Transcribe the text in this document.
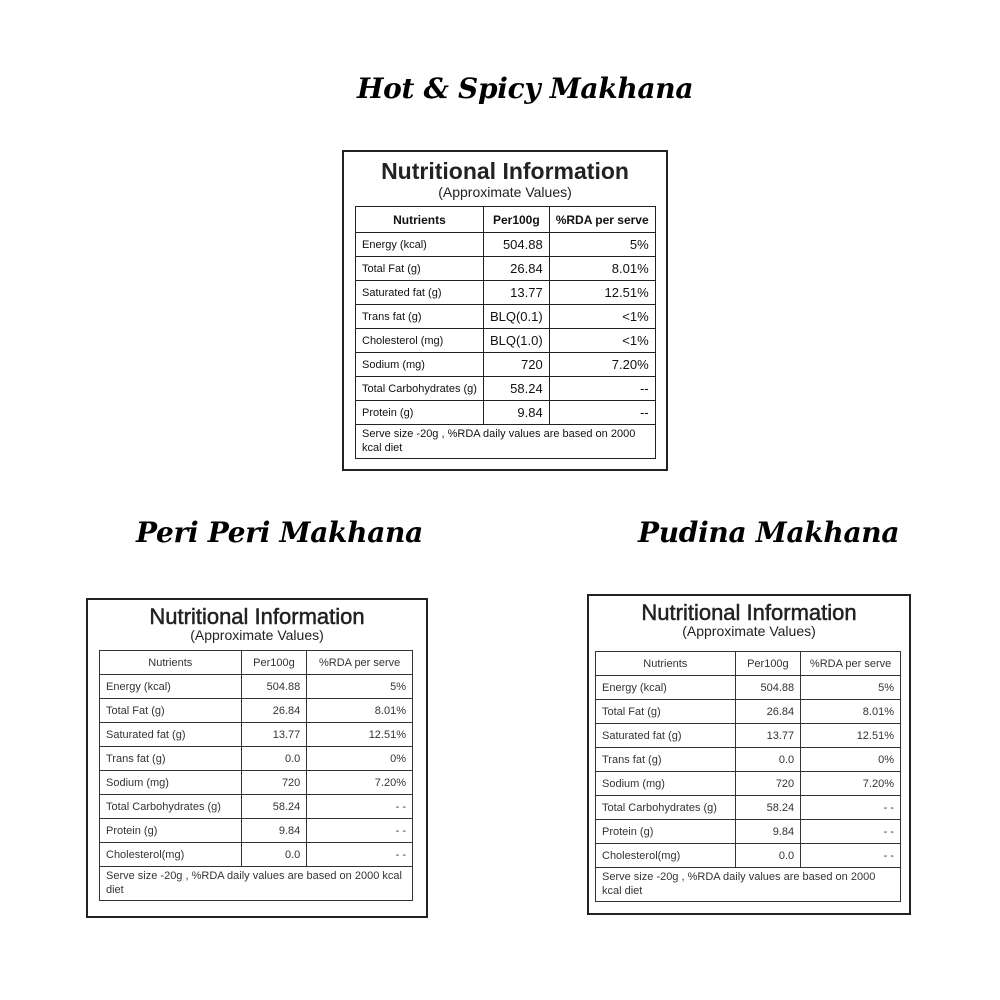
Hot & Spicy Makhana
Peri Peri Makhana	Pudina Makhana
Nutritional Information
(Approximate Values)
Nutrients	Per100g	%RDA per serve
Energy (kcal)	504.88	5%
Total Fat (g)	26.84	8.01%
Saturated fat (g)	13.77	12.51%
Trans fat (g)	BLQ(0.1)	<1%
Cholesterol (mg)	BLQ(1.0)	<1%
Sodium (mg)	720	7.20%
Total Carbohydrates (g)	58.24	--
Protein (g)	9.84	--
Serve size -20g , %RDA daily values are based on 2000 kcal diet		
Nutritional Information
(Approximate Values)
Nutrients	Per100g	%RDA per serve
Energy (kcal)	504.88	5%
Total Fat (g)	26.84	8.01%
Saturated fat (g)	13.77	12.51%
Trans fat (g)	0.0	0%
Sodium (mg)	720	7.20%
Total Carbohydrates (g)	58.24	- -
Protein (g)	9.84	- -
Cholesterol(mg)	0.0	- -
Serve size -20g , %RDA daily values are based on 2000 kcal diet		
Nutritional Information
(Approximate Values)
Nutrients	Per100g	%RDA per serve
Energy (kcal)	504.88	5%
Total Fat (g)	26.84	8.01%
Saturated fat (g)	13.77	12.51%
Trans fat (g)	0.0	0%
Sodium (mg)	720	7.20%
Total Carbohydrates (g)	58.24	- -
Protein (g)	9.84	- -
Cholesterol(mg)	0.0	- -
Serve size -20g , %RDA daily values are based on 2000 kcal diet		
